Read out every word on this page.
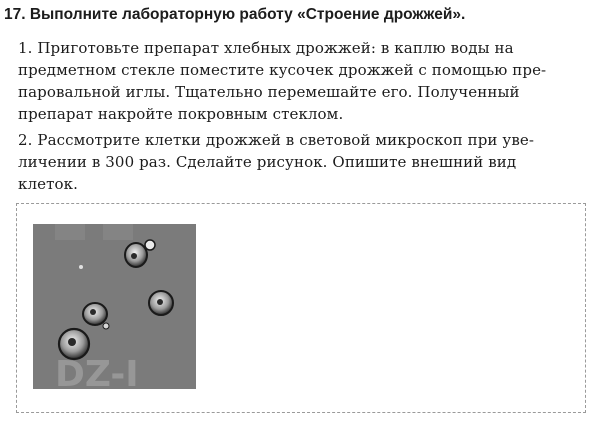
17. Выполните лабораторную работу «Строение дрожжей».
1. Приготовьте препарат хлебных дрожжей: в каплю воды на
предметном стекле поместите кусочек дрожжей с помощью пре-
паровальной иглы. Тщательно перемешайте его. Полученный
препарат накройте покровным стеклом.
2. Рассмотрите клетки дрожжей в световой микроскоп при уве-
личении в 300 раз. Сделайте рисунок. Опишите внешний вид
клеток.
DZ-I
